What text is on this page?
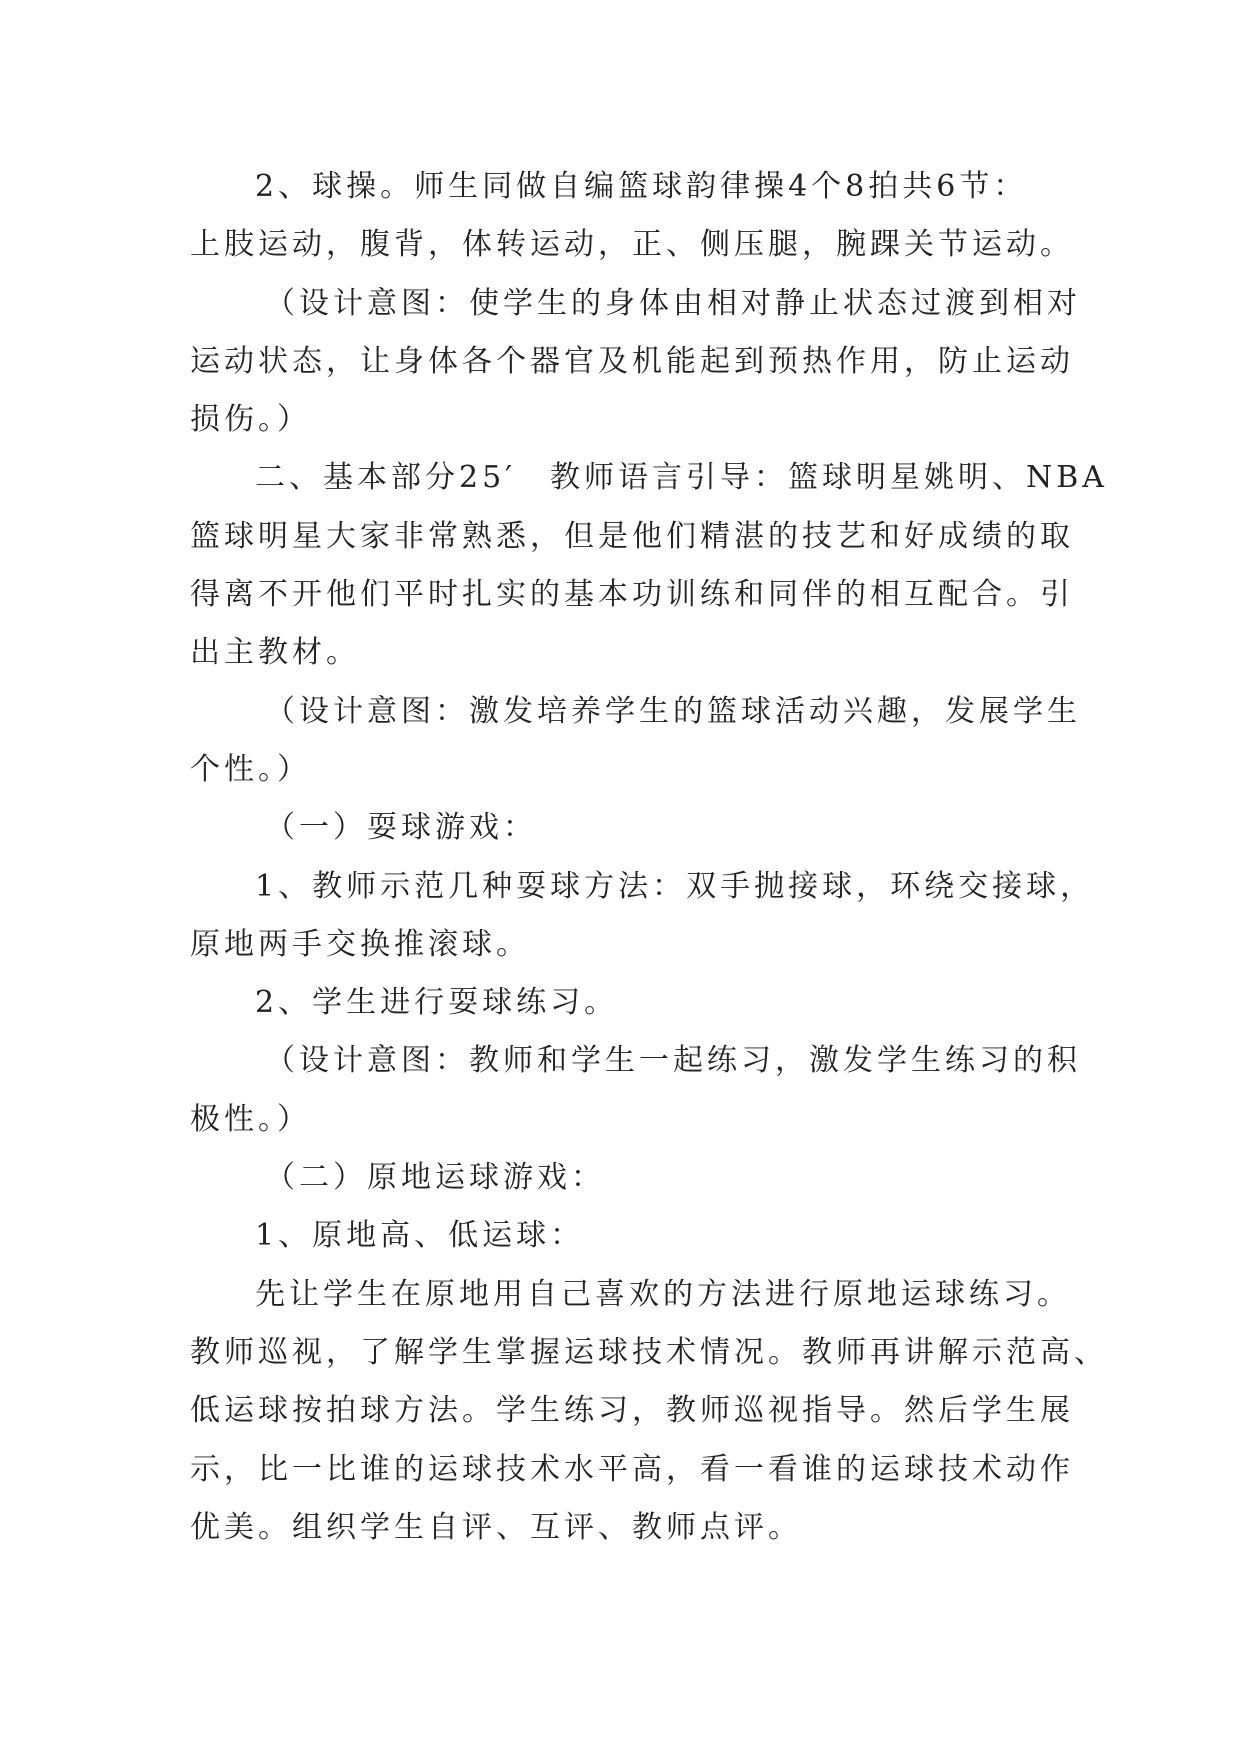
2、球操。师生同做自编篮球韵律操4个8拍共6节：
上肢运动，腹背，体转运动，正、侧压腿，腕踝关节运动。
（设计意图：使学生的身体由相对静止状态过渡到相对
运动状态，让身体各个器官及机能起到预热作用，防止运动
损伤。）
二、基本部分25′　教师语言引导：篮球明星姚明、NBA
篮球明星大家非常熟悉，但是他们精湛的技艺和好成绩的取
得离不开他们平时扎实的基本功训练和同伴的相互配合。引
出主教材。
（设计意图：激发培养学生的篮球活动兴趣，发展学生
个性。）
（一）耍球游戏：
1、教师示范几种耍球方法：双手抛接球，环绕交接球，
原地两手交换推滚球。
2、学生进行耍球练习。
（设计意图：教师和学生一起练习，激发学生练习的积
极性。）
（二）原地运球游戏：
1、原地高、低运球：
先让学生在原地用自己喜欢的方法进行原地运球练习。
教师巡视，了解学生掌握运球技术情况。教师再讲解示范高、
低运球按拍球方法。学生练习，教师巡视指导。然后学生展
示，比一比谁的运球技术水平高，看一看谁的运球技术动作
优美。组织学生自评、互评、教师点评。
